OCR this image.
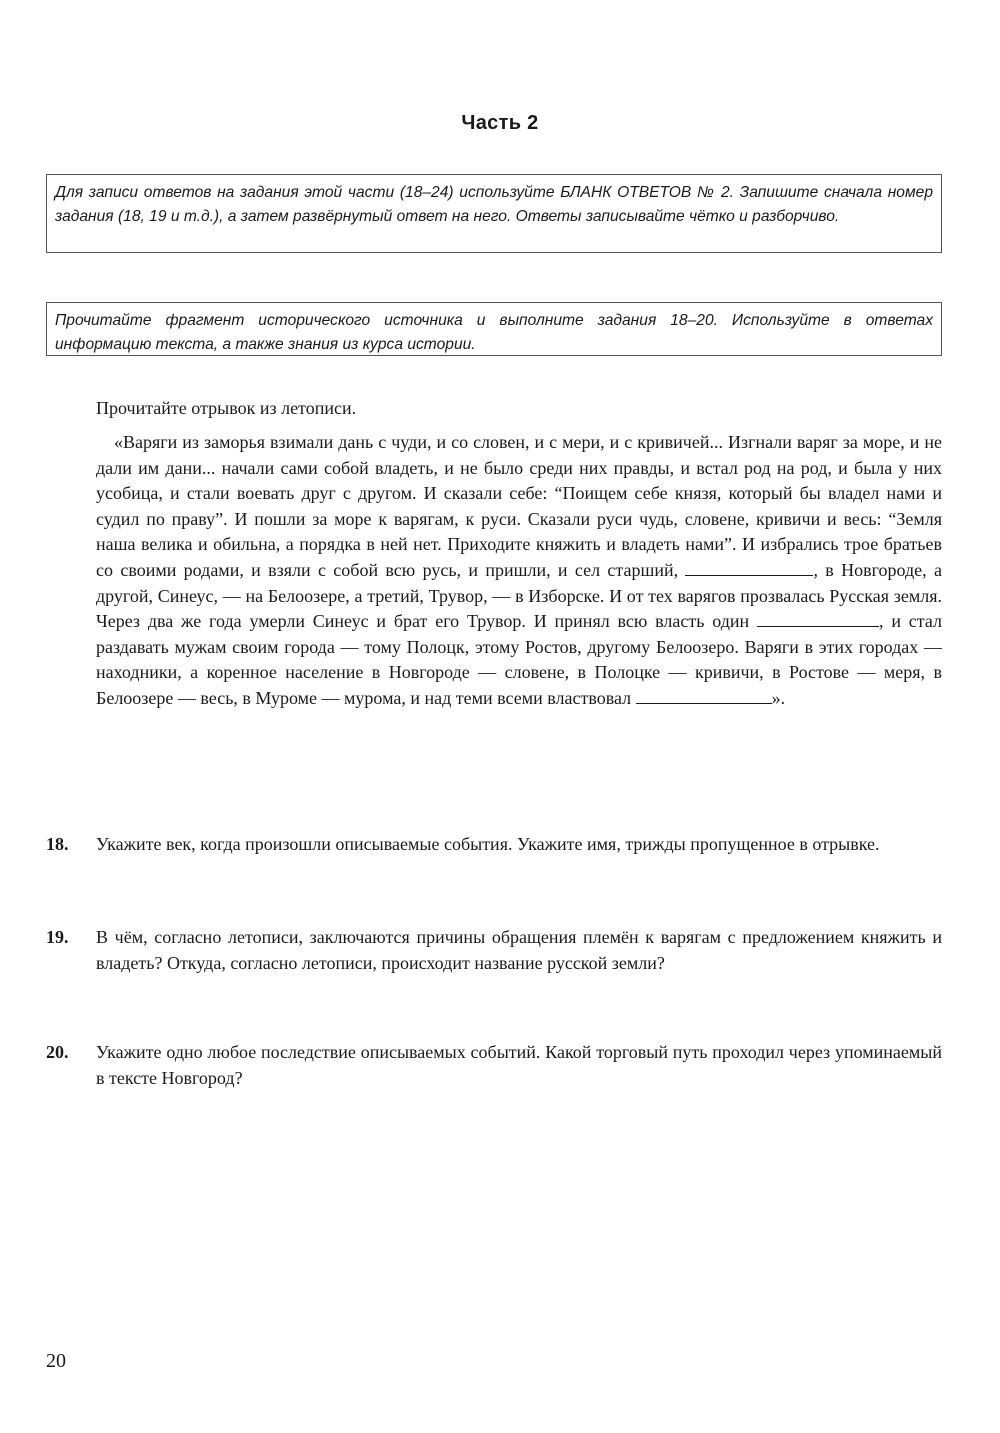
Часть 2
Для записи ответов на задания этой части (18–24) используйте БЛАНК ОТВЕТОВ № 2. Запишите сначала номер задания (18, 19 и т.д.), а затем развёрнутый ответ на него. Ответы записывайте чётко и разборчиво.
Прочитайте фрагмент исторического источника и выполните задания 18–20. Используйте в ответах информацию текста, а также знания из курса истории.
Прочитайте отрывок из летописи.
«Варяги из заморья взимали дань с чуди, и со словен, и с мери, и с кривичей... Изгнали варяг за море, и не дали им дани... начали сами собой владеть, и не было среди них правды, и встал род на род, и была у них усобица, и стали воевать друг с другом. И сказали себе: “Поищем себе князя, который бы владел нами и судил по праву”. И пошли за море к варягам, к руси. Сказали руси чудь, словене, кривичи и весь: “Земля наша велика и обильна, а порядка в ней нет. Приходите княжить и владеть нами”. И избрались трое братьев со своими родами, и взяли с собой всю русь, и пришли, и сел старший,	, в Новгороде, а другой, Синеус, — на Белоозере, а третий, Трувор, — в Изборске. И от тех варягов прозвалась Русская земля. Через два же года умерли Синеус и брат его Трувор. И принял всю власть один	, и стал раздавать мужам своим города — тому Полоцк, этому Ростов, другому Белоозеро. Варяги в этих городах — находники, а коренное население в Новгороде — словене, в Полоцке — кривичи, в Ростове — меря, в Белоозере — весь, в Муроме — мурома, и над теми всеми властвовал	».
18.	Укажите век, когда произошли описываемые события. Укажите имя, трижды пропущенное в отрывке.
19.	В чём, согласно летописи, заключаются причины обращения племён к варягам с предложением княжить и владеть? Откуда, согласно летописи, происходит название русской земли?
20.	Укажите одно любое последствие описываемых событий. Какой торговый путь проходил через упоминаемый в тексте Новгород?
20
